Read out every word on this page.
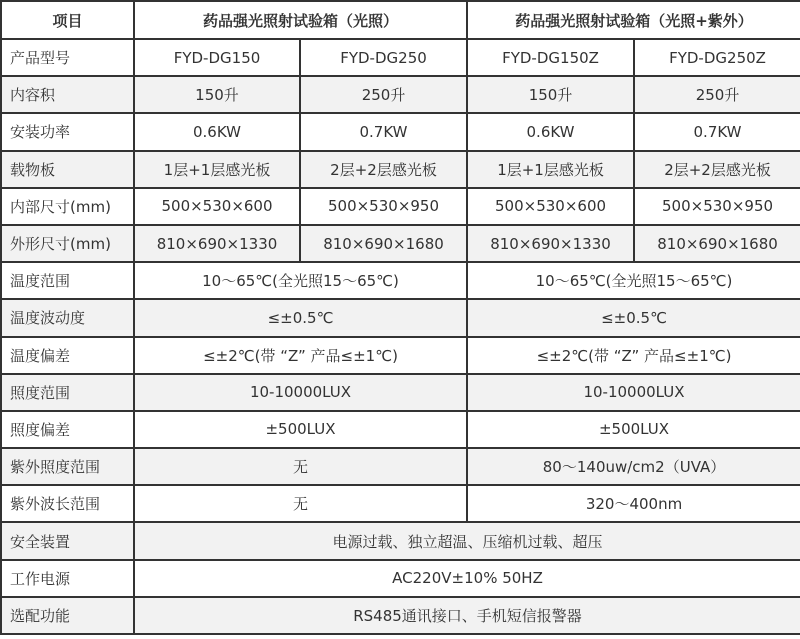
项目	药品强光照射试验箱（光照）		药品强光照射试验箱（光照+紫外）	
产品型号	FYD-DG150	FYD-DG250	FYD-DG150Z	FYD-DG250Z
内容积	150升	250升	150升	250升
安装功率	0.6KW	0.7KW	0.6KW	0.7KW
载物板	1层+1层感光板	2层+2层感光板	1层+1层感光板	2层+2层感光板
内部尺寸(mm)	500×530×600	500×530×950	500×530×600	500×530×950
外形尺寸(mm)	810×690×1330	810×690×1680	810×690×1330	810×690×1680
温度范围	10～65℃(全光照15～65℃)		10～65℃(全光照15～65℃)	
温度波动度	≤±0.5℃		≤±0.5℃	
温度偏差	≤±2℃(带 “Z” 产品≤±1℃)		≤±2℃(带 “Z” 产品≤±1℃)	
照度范围	10-10000LUX		10-10000LUX	
照度偏差	±500LUX		±500LUX	
紫外照度范围	无		80～140uw/cm2（UVA）	
紫外波长范围	无		320～400nm	
安全装置	电源过载、独立超温、压缩机过载、超压			
工作电源	AC220V±10% 50HZ			
选配功能	RS485通讯接口、手机短信报警器			
